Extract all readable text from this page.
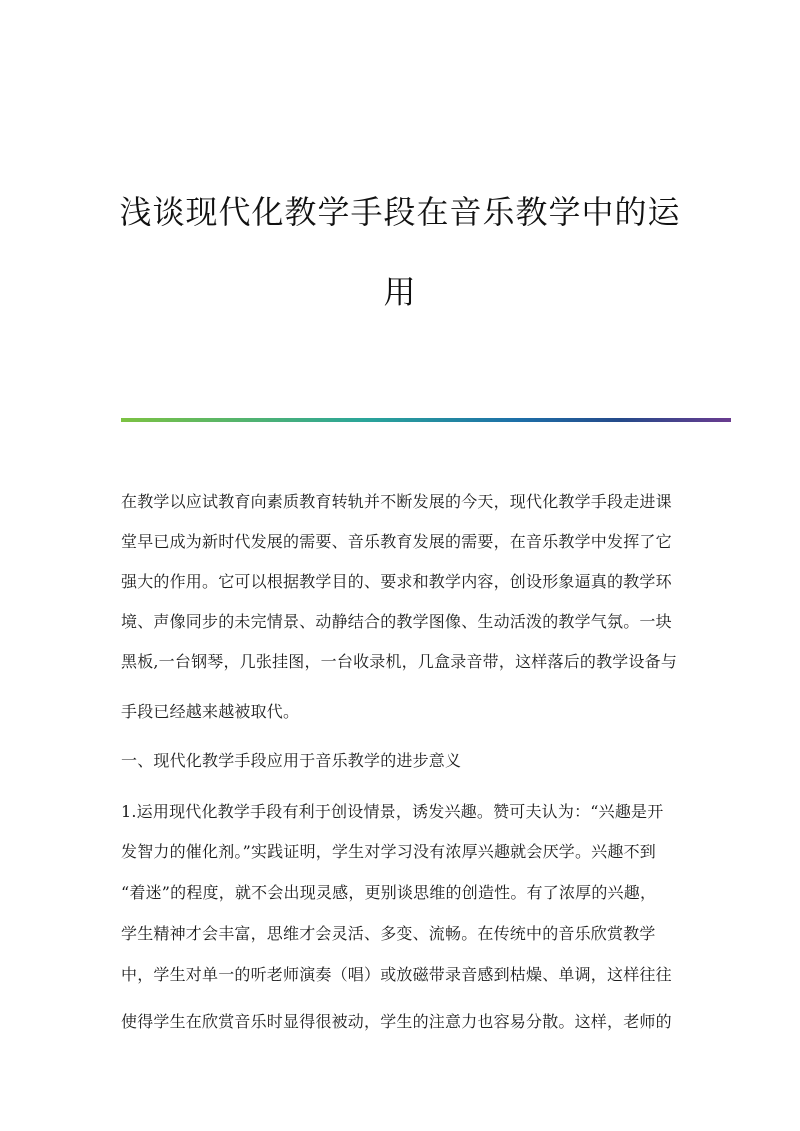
浅谈现代化教学手段在音乐教学中的运
用
在教学以应试教育向素质教育转轨并不断发展的今天，现代化教学手段走进课
堂早已成为新时代发展的需要、音乐教育发展的需要，在音乐教学中发挥了它
强大的作用。它可以根据教学目的、要求和教学内容，创设形象逼真的教学环
境、声像同步的未完情景、动静结合的教学图像、生动活泼的教学气氛。一块
黑板,一台钢琴，几张挂图，一台收录机，几盒录音带，这样落后的教学设备与
手段已经越来越被取代。
一、现代化教学手段应用于音乐教学的进步意义
1.运用现代化教学手段有利于创设情景，诱发兴趣。赞可夫认为：“兴趣是开
发智力的催化剂。”实践证明，学生对学习没有浓厚兴趣就会厌学。兴趣不到
“着迷”的程度，就不会出现灵感，更别谈思维的创造性。有了浓厚的兴趣，
学生精神才会丰富，思维才会灵活、多变、流畅。在传统中的音乐欣赏教学
中，学生对单一的听老师演奏（唱）或放磁带录音感到枯燥、单调，这样往往
使得学生在欣赏音乐时显得很被动，学生的注意力也容易分散。这样，老师的
